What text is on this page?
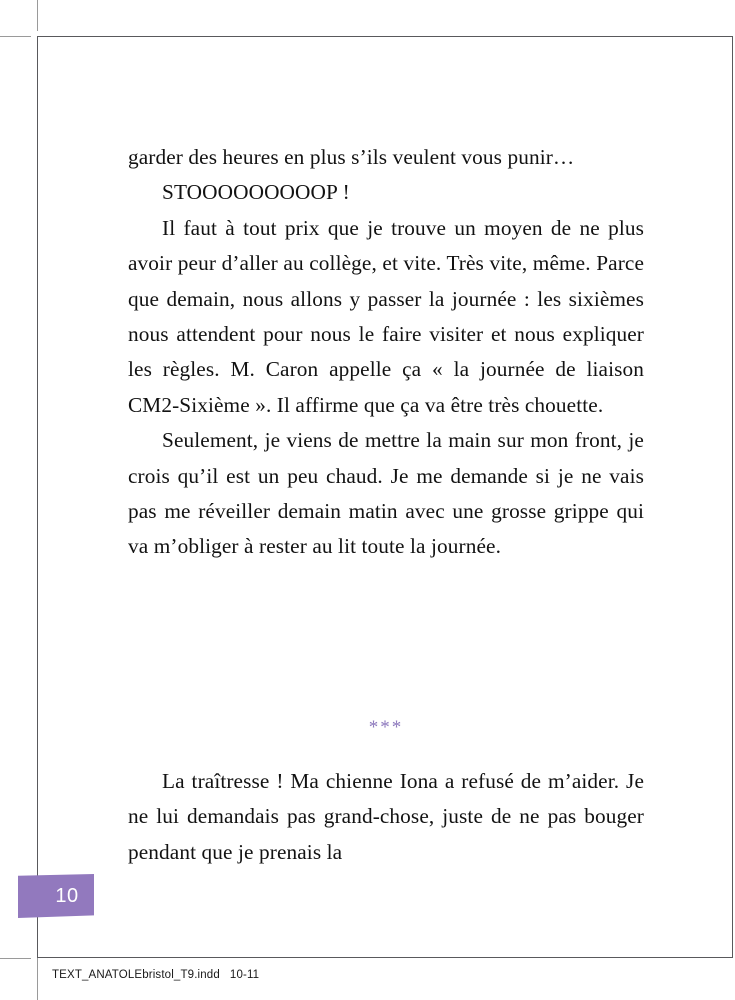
garder des heures en plus s’ils veulent vous punir…

STOOOOOOOOOP !

Il faut à tout prix que je trouve un moyen de ne plus avoir peur d’aller au collège, et vite. Très vite, même. Parce que demain, nous allons y passer la journée : les sixièmes nous attendent pour nous le faire visiter et nous expliquer les règles. M. Caron appelle ça « la journée de liaison CM2-Sixième ». Il affirme que ça va être très chouette.

Seulement, je viens de mettre la main sur mon front, je crois qu’il est un peu chaud. Je me demande si je ne vais pas me réveiller demain matin avec une grosse grippe qui va m’obliger à rester au lit toute la journée.

***

La traîtresse ! Ma chienne Iona a refusé de m’aider. Je ne lui demandais pas grand-chose, juste de ne pas bouger pendant que je prenais la

10
TEXT_ANATOLEbristol_T9.indd   10-11
